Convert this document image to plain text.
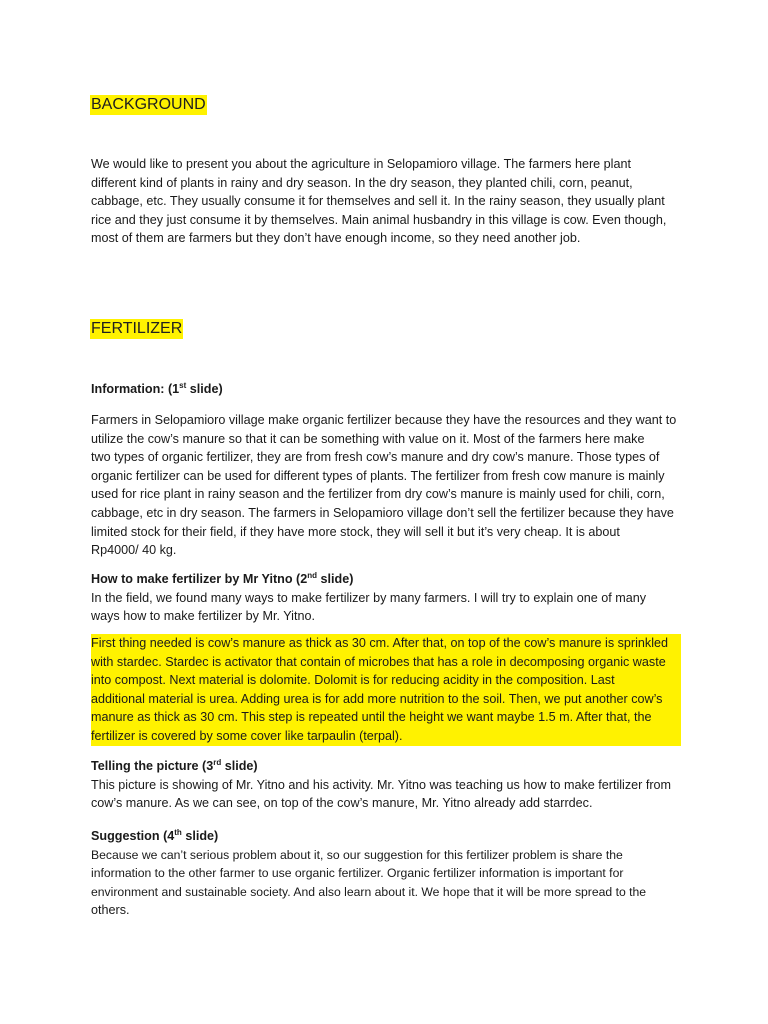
BACKGROUND
We would like to present you about the agriculture in Selopamioro village. The farmers here plant
different kind of plants in rainy and dry season. In the dry season, they planted chili, corn, peanut,
cabbage, etc. They usually consume it for themselves and sell it. In the rainy season, they usually plant
rice and they just consume it by themselves. Main animal husbandry in this village is cow. Even though,
most of them are farmers but they don’t have enough income, so they need another job.
FERTILIZER
Information: (1st slide)
Farmers in Selopamioro village make organic fertilizer because they have the resources and they want to
utilize the cow’s manure so that it can be something with value on it. Most of the farmers here make
two types of organic fertilizer, they are from fresh cow’s manure and dry cow’s manure. Those types of
organic fertilizer can be used for different types of plants. The fertilizer from fresh cow manure is mainly
used for rice plant in rainy season and the fertilizer from dry cow’s manure is mainly used for chili, corn,
cabbage, etc in dry season. The farmers in Selopamioro village don’t sell the fertilizer because they have
limited stock for their field, if they have more stock, they will sell it but it’s very cheap. It is about
Rp4000/ 40 kg.
How to make fertilizer by Mr Yitno (2nd slide)
In the field, we found many ways to make fertilizer by many farmers. I will try to explain one of many
ways how to make fertilizer by Mr. Yitno.
First thing needed is cow’s manure as thick as 30 cm. After that, on top of the cow’s manure is sprinkled
with stardec. Stardec is activator that contain of microbes that has a role in decomposing organic waste
into compost. Next material is dolomite. Dolomit is for reducing acidity in the composition. Last
additional material is urea. Adding urea is for add more nutrition to the soil. Then, we put another cow’s
manure as thick as 30 cm. This step is repeated until the height we want maybe 1.5 m. After that, the
fertilizer is covered by some cover like tarpaulin (terpal).
Telling the picture (3rd slide)
This picture is showing of Mr. Yitno and his activity. Mr. Yitno was teaching us how to make fertilizer from
cow’s manure. As we can see, on top of the cow’s manure, Mr. Yitno already add starrdec.
Suggestion (4th slide)
Because we can’t serious problem about it, so our suggestion for this fertilizer problem is share the
information to the other farmer to use organic fertilizer. Organic fertilizer information is important for
environment and sustainable society. And also learn about it. We hope that it will be more spread to the
others.
